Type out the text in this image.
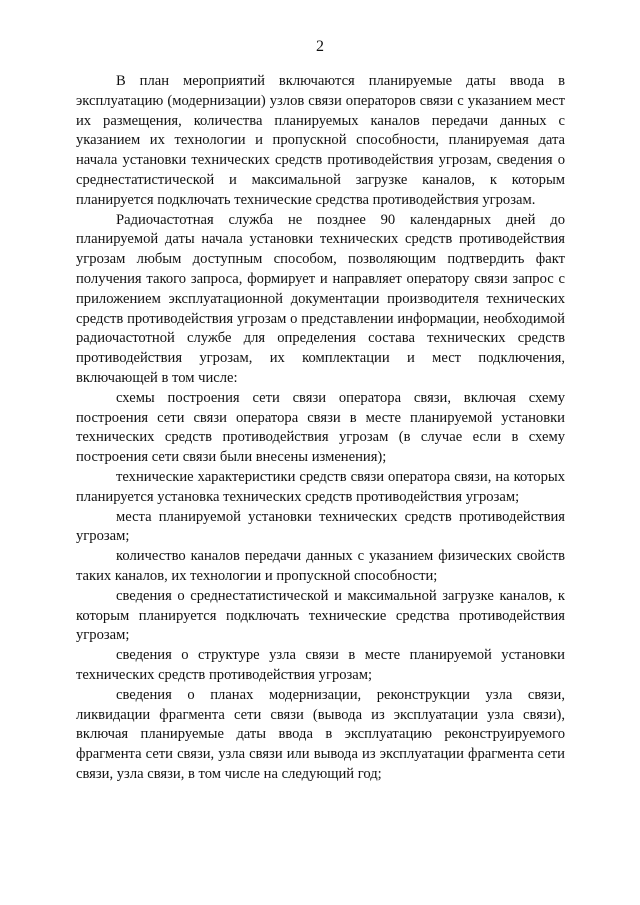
2

В план мероприятий включаются планируемые даты ввода в эксплуатацию (модернизации) узлов связи операторов связи с указанием мест их размещения, количества планируемых каналов передачи данных с указанием их технологии и пропускной способности, планируемая дата начала установки технических средств противодействия угрозам, сведения о среднестатистической и максимальной загрузке каналов, к которым планируется подключать технические средства противодействия угрозам.

Радиочастотная служба не позднее 90 календарных дней до планируемой даты начала установки технических средств противодействия угрозам любым доступным способом, позволяющим подтвердить факт получения такого запроса, формирует и направляет оператору связи запрос с приложением эксплуатационной документации производителя технических средств противодействия угрозам о представлении информации, необходимой радиочастотной службе для определения состава технических средств противодействия угрозам, их комплектации и мест подключения, включающей в том числе:

схемы построения сети связи оператора связи, включая схему построения сети связи оператора связи в месте планируемой установки технических средств противодействия угрозам (в случае если в схему построения сети связи были внесены изменения);

технические характеристики средств связи оператора связи, на которых планируется установка технических средств противодействия угрозам;

места планируемой установки технических средств противодействия угрозам;

количество каналов передачи данных с указанием физических свойств таких каналов, их технологии и пропускной способности;

сведения о среднестатистической и максимальной загрузке каналов, к которым планируется подключать технические средства противодействия угрозам;

сведения о структуре узла связи в месте планируемой установки технических средств противодействия угрозам;

сведения о планах модернизации, реконструкции узла связи, ликвидации фрагмента сети связи (вывода из эксплуатации узла связи), включая планируемые даты ввода в эксплуатацию реконструируемого фрагмента сети связи, узла связи или вывода из эксплуатации фрагмента сети связи, узла связи, в том числе на следующий год;
